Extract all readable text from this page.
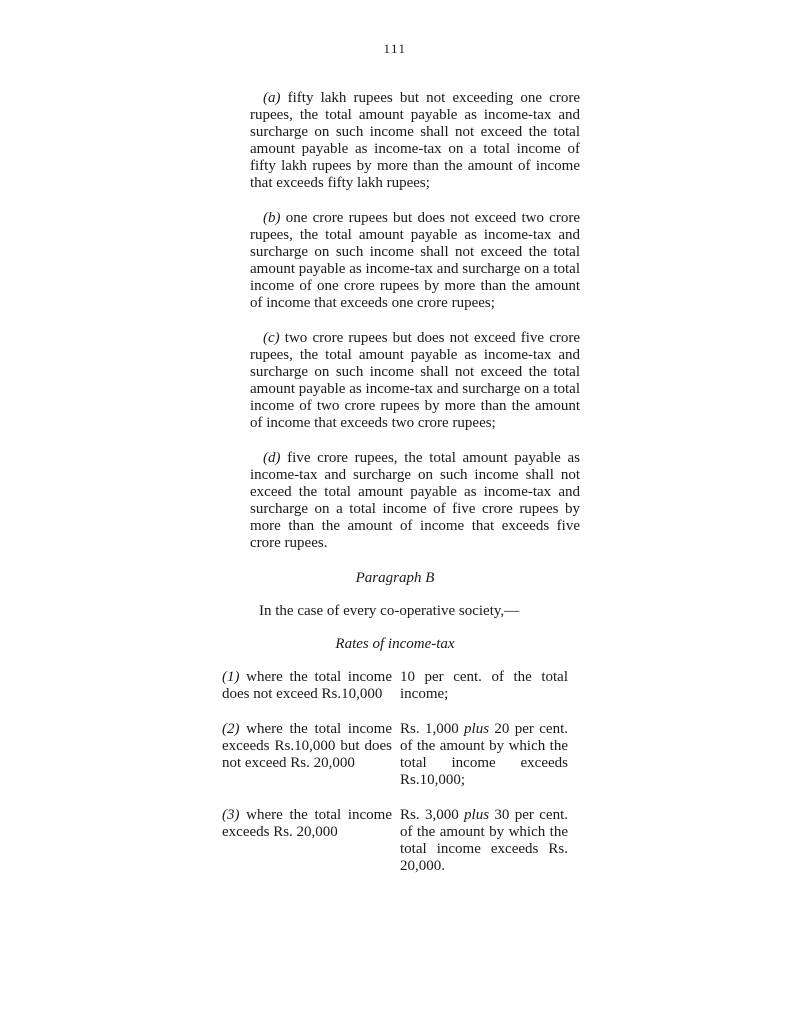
111

(a) fifty lakh rupees but not exceeding one crore rupees, the total amount payable as income-tax and surcharge on such income shall not exceed the total amount payable as income-tax on a total income of fifty lakh rupees by more than the amount of income that exceeds fifty lakh rupees;

(b) one crore rupees but does not exceed two crore rupees, the total amount payable as income-tax and surcharge on such income shall not exceed the total amount payable as income-tax and surcharge on a total income of one crore rupees by more than the amount of income that exceeds one crore rupees;

(c) two crore rupees but does not exceed five crore rupees, the total amount payable as income-tax and surcharge on such income shall not exceed the total amount payable as income-tax and surcharge on a total income of two crore rupees by more than the amount of income that exceeds two crore rupees;

(d) five crore rupees, the total amount payable as income-tax and surcharge on such income shall not exceed the total amount payable as income-tax and surcharge on a total income of five crore rupees by more than the amount of income that exceeds five crore rupees.

Paragraph B

In the case of every co-operative society,—

Rates of income-tax
(1) where the total income does not exceed Rs.10,000
10 per cent. of the total income;
(2) where the total income exceeds Rs.10,000 but does not exceed Rs. 20,000
Rs. 1,000 plus 20 per cent. of the amount by which the total income exceeds Rs.10,000;
(3) where the total income exceeds Rs. 20,000
Rs. 3,000 plus 30 per cent. of the amount by which the total income exceeds Rs. 20,000.
